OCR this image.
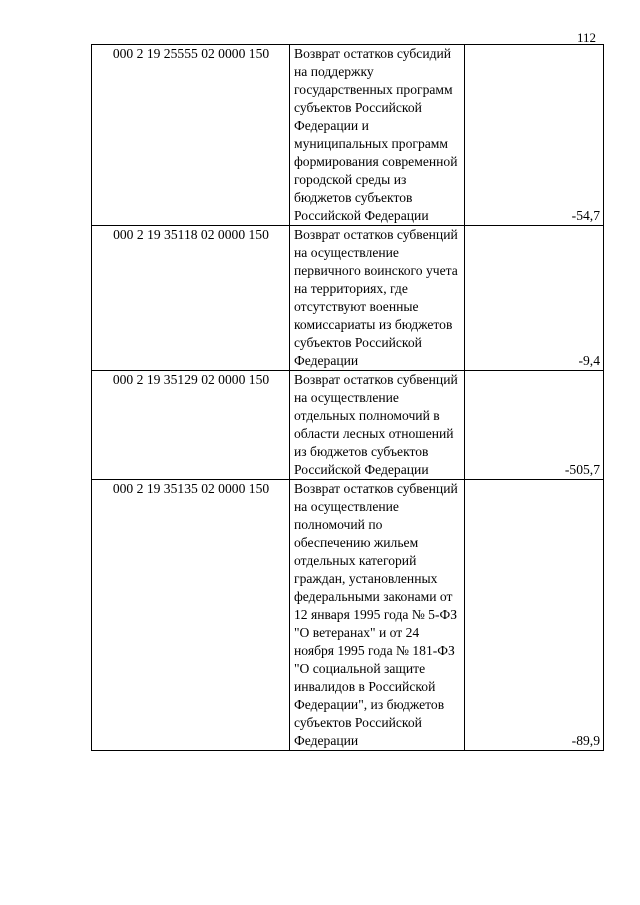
112
000 2 19 25555 02 0000 150	Возврат остатков субсидий на поддержку государственных программ субъектов Российской Федерации и муниципальных программ формирования современной городской среды из бюджетов субъектов Российской Федерации	-54,7
000 2 19 35118 02 0000 150	Возврат остатков субвенций на осуществление первичного воинского учета на территориях, где отсутствуют военные комиссариаты из бюджетов субъектов Российской Федерации	-9,4
000 2 19 35129 02 0000 150	Возврат остатков субвенций на осуществление отдельных полномочий в области лесных отношений из бюджетов субъектов Российской Федерации	-505,7
000 2 19 35135 02 0000 150	Возврат остатков субвенций на осуществление полномочий по обеспечению жильем отдельных категорий граждан, установленных федеральными законами от 12 января 1995 года № 5-ФЗ "О ветеранах" и от 24 ноября 1995 года № 181-ФЗ "О социальной защите инвалидов в Российской Федерации", из бюджетов субъектов Российской Федерации	-89,9
